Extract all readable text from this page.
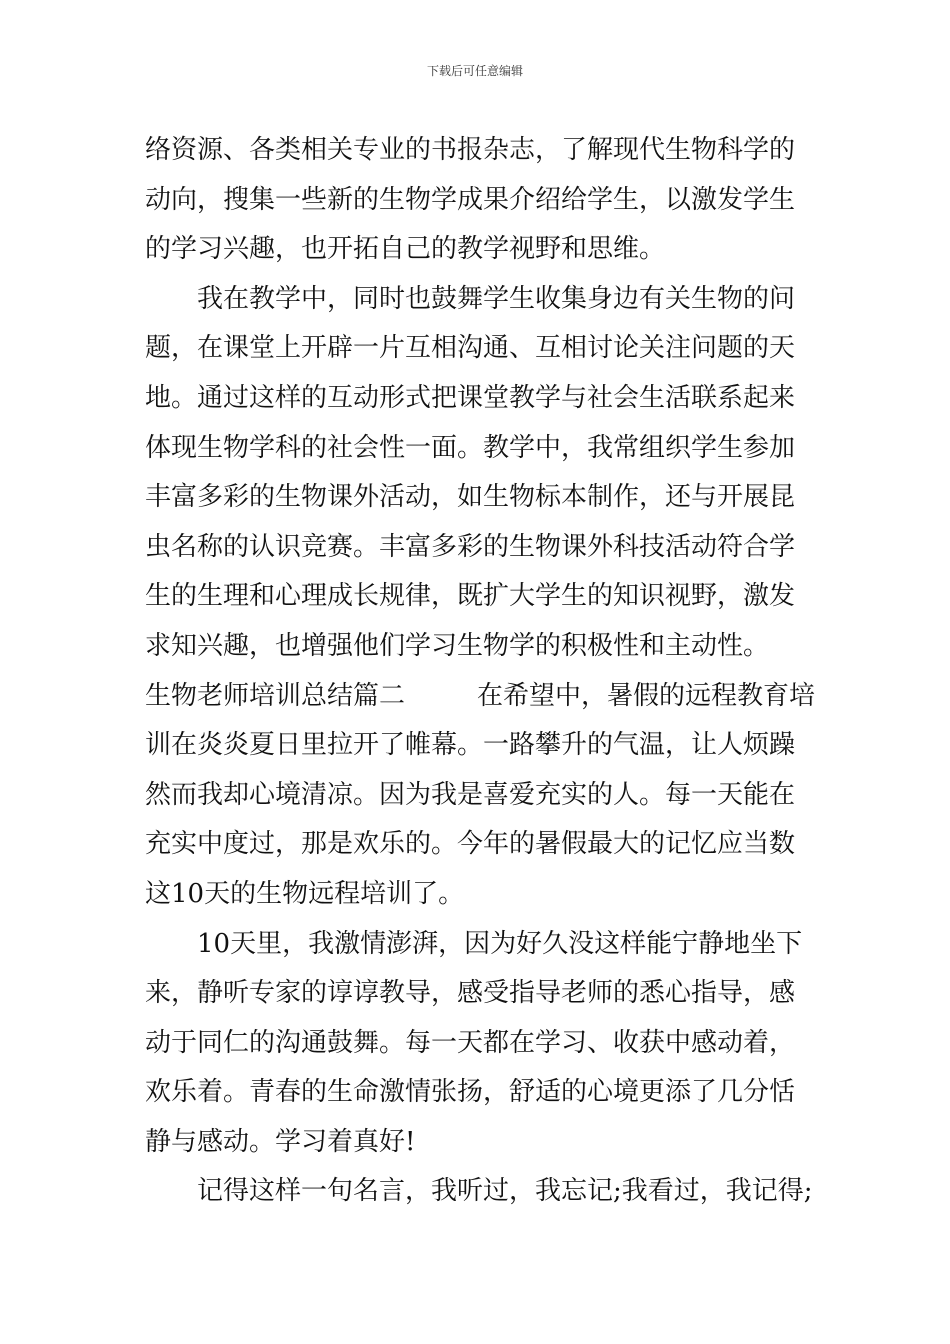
下载后可任意编辑
络资源、各类相关专业的书报杂志，了解现代生物科学的
动向，搜集一些新的生物学成果介绍给学生，以激发学生
的学习兴趣，也开拓自己的教学视野和思维。
我在教学中，同时也鼓舞学生收集身边有关生物的问
题，在课堂上开辟一片互相沟通、互相讨论关注问题的天
地。通过这样的互动形式把课堂教学与社会生活联系起来
体现生物学科的社会性一面。教学中，我常组织学生参加
丰富多彩的生物课外活动，如生物标本制作，还与开展昆
虫名称的认识竞赛。丰富多彩的生物课外科技活动符合学
生的生理和心理成长规律，既扩大学生的知识视野，激发
求知兴趣，也增强他们学习生物学的积极性和主动性。
生物老师培训总结篇二	在希望中，暑假的远程教育培
训在炎炎夏日里拉开了帷幕。一路攀升的气温，让人烦躁
然而我却心境清凉。因为我是喜爱充实的人。每一天能在
充实中度过，那是欢乐的。今年的暑假最大的记忆应当数
这10天的生物远程培训了。
10天里，我激情澎湃，因为好久没这样能宁静地坐下
来，静听专家的谆谆教导，感受指导老师的悉心指导，感
动于同仁的沟通鼓舞。每一天都在学习、收获中感动着，
欢乐着。青春的生命激情张扬，舒适的心境更添了几分恬
静与感动。学习着真好!
记得这样一句名言，我听过，我忘记;我看过，我记得;
